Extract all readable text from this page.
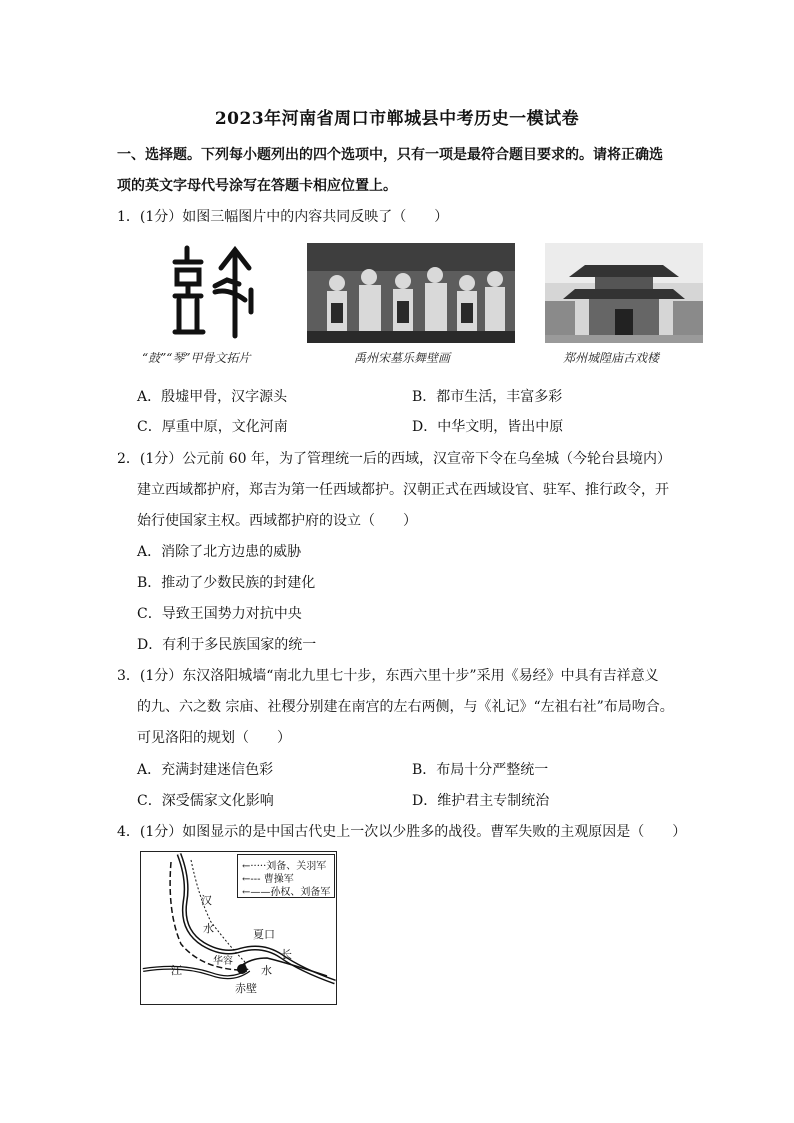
2023年河南省周口市郸城县中考历史一模试卷
一、选择题。下列每小题列出的四个选项中，只有一项是最符合题目要求的。请将正确选
项的英文字母代号涂写在答题卡相应位置上。
1．(1分）如图三幅图片中的内容共同反映了（　　）
“鼓”“琴”甲骨文拓片	禹州宋墓乐舞壁画	郑州城隍庙古戏楼
A．殷墟甲骨，汉字源头	B．都市生活，丰富多彩
C．厚重中原，文化河南	D．中华文明，皆出中原
2．(1分）公元前 60 年，为了管理统一后的西域，汉宣帝下令在乌垒城（今轮台县境内）
建立西域都护府，郑吉为第一任西域都护。汉朝正式在西域设官、驻军、推行政令，开
始行使国家主权。西域都护府的设立（　　）
A．消除了北方边患的威胁
B．推动了少数民族的封建化
C．导致王国势力对抗中央
D．有利于多民族国家的统一
3．(1分）东汉洛阳城墙“南北九里七十步，东西六里十步”采用《易经》中具有吉祥意义
的九、六之数 宗庙、社稷分别建在南宫的左右两侧，与《礼记》“左祖右社”布局吻合。
可见洛阳的规划（　　）
A．充满封建迷信色彩	B．布局十分严整统一
C．深受儒家文化影响	D．维护君主专制统治
4．(1分）如图显示的是中国古代史上一次以少胜多的战役。曹军失败的主观原因是（　　）
←·····刘备、关羽军
←--- 曹操军
←——孙权、刘备军
汉
水	夏口
华容
江
赤壁
水
长
